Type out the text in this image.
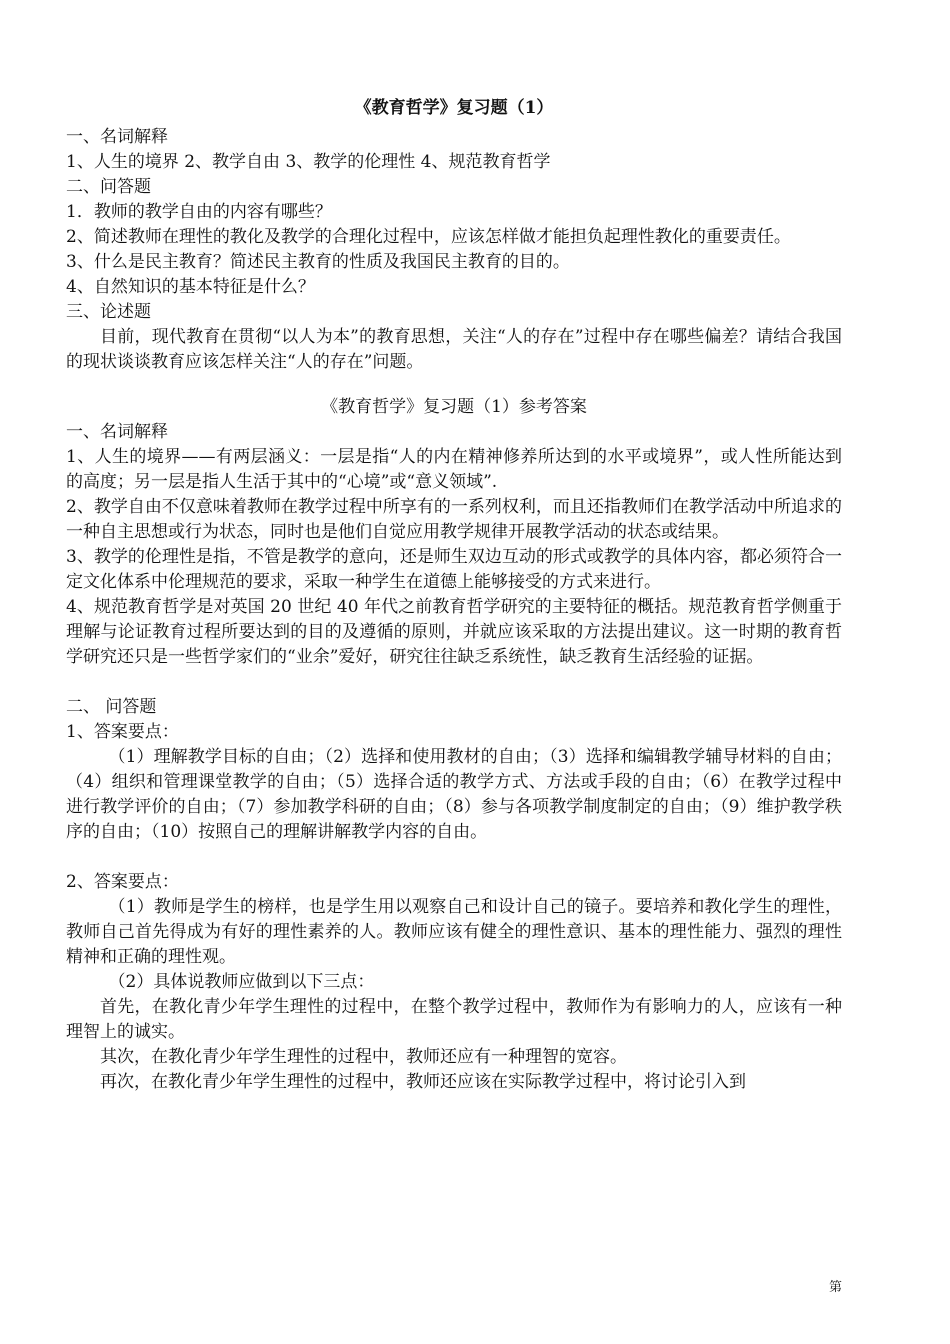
《教育哲学》复习题（1）

一、名词解释

1、人生的境界 2、教学自由 3、教学的伦理性 4、规范教育哲学

二、问答题

1．教师的教学自由的内容有哪些？

2、简述教师在理性的教化及教学的合理化过程中，应该怎样做才能担负起理性教化的重要责任。

3、什么是民主教育？简述民主教育的性质及我国民主教育的目的。

4、自然知识的基本特征是什么？

三、论述题

目前，现代教育在贯彻“以人为本”的教育思想，关注“人的存在”过程中存在哪些偏差？请结合我国的现状谈谈教育应该怎样关注“人的存在”问题。

《教育哲学》复习题（1）参考答案

一、名词解释

1、人生的境界——有两层涵义：一层是指“人的内在精神修养所达到的水平或境界”，或人性所能达到的高度；另一层是指人生活于其中的“心境”或“意义领域”.

2、教学自由不仅意味着教师在教学过程中所享有的一系列权利，而且还指教师们在教学活动中所追求的一种自主思想或行为状态，同时也是他们自觉应用教学规律开展教学活动的状态或结果。

3、教学的伦理性是指，不管是教学的意向，还是师生双边互动的形式或教学的具体内容，都必须符合一定文化体系中伦理规范的要求，采取一种学生在道德上能够接受的方式来进行。

4、规范教育哲学是对英国 20 世纪 40 年代之前教育哲学研究的主要特征的概括。规范教育哲学侧重于理解与论证教育过程所要达到的目的及遵循的原则，并就应该采取的方法提出建议。这一时期的教育哲学研究还只是一些哲学家们的“业余”爱好，研究往往缺乏系统性，缺乏教育生活经验的证据。

二、 问答题

1、答案要点：

（1）理解教学目标的自由；（2）选择和使用教材的自由；（3）选择和编辑教学辅导材料的自由；（4）组织和管理课堂教学的自由；（5）选择合适的教学方式、方法或手段的自由；（6）在教学过程中进行教学评价的自由；（7）参加教学科研的自由；（8）参与各项教学制度制定的自由；（9）维护教学秩序的自由；（10）按照自己的理解讲解教学内容的自由。

2、答案要点：

（1）教师是学生的榜样，也是学生用以观察自己和设计自己的镜子。要培养和教化学生的理性，教师自己首先得成为有好的理性素养的人。教师应该有健全的理性意识、基本的理性能力、强烈的理性精神和正确的理性观。

（2）具体说教师应做到以下三点：

首先，在教化青少年学生理性的过程中，在整个教学过程中，教师作为有影响力的人，应该有一种理智上的诚实。

其次，在教化青少年学生理性的过程中，教师还应有一种理智的宽容。

再次，在教化青少年学生理性的过程中，教师还应该在实际教学过程中，将讨论引入到

第
